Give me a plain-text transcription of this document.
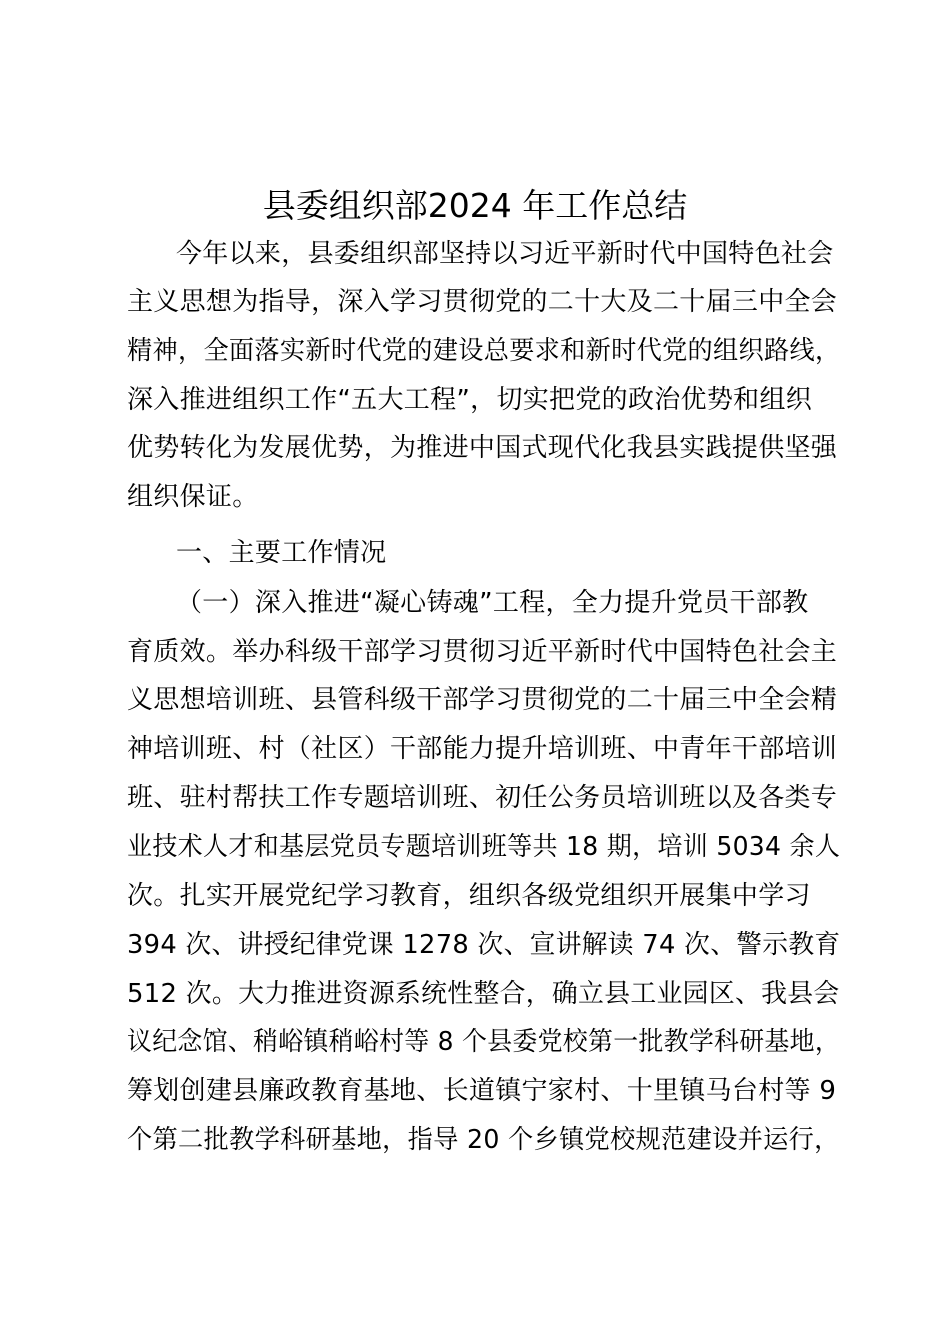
县委组织部2024 年工作总结
今年以来，县委组织部坚持以习近平新时代中国特色社会
主义思想为指导，深入学习贯彻党的二十大及二十届三中全会
精神，全面落实新时代党的建设总要求和新时代党的组织路线，
深入推进组织工作“五大工程”，切实把党的政治优势和组织
优势转化为发展优势，为推进中国式现代化我县实践提供坚强
组织保证。
一、主要工作情况
（一）深入推进“凝心铸魂”工程，全力提升党员干部教
育质效。举办科级干部学习贯彻习近平新时代中国特色社会主
义思想培训班、县管科级干部学习贯彻党的二十届三中全会精
神培训班、村（社区）干部能力提升培训班、中青年干部培训
班、驻村帮扶工作专题培训班、初任公务员培训班以及各类专
业技术人才和基层党员专题培训班等共 18 期，培训 5034 余人
次。扎实开展党纪学习教育，组织各级党组织开展集中学习
394 次、讲授纪律党课 1278 次、宣讲解读 74 次、警示教育
512 次。大力推进资源系统性整合，确立县工业园区、我县会
议纪念馆、稍峪镇稍峪村等 8 个县委党校第一批教学科研基地，
筹划创建县廉政教育基地、长道镇宁家村、十里镇马台村等 9
个第二批教学科研基地，指导 20 个乡镇党校规范建设并运行，
